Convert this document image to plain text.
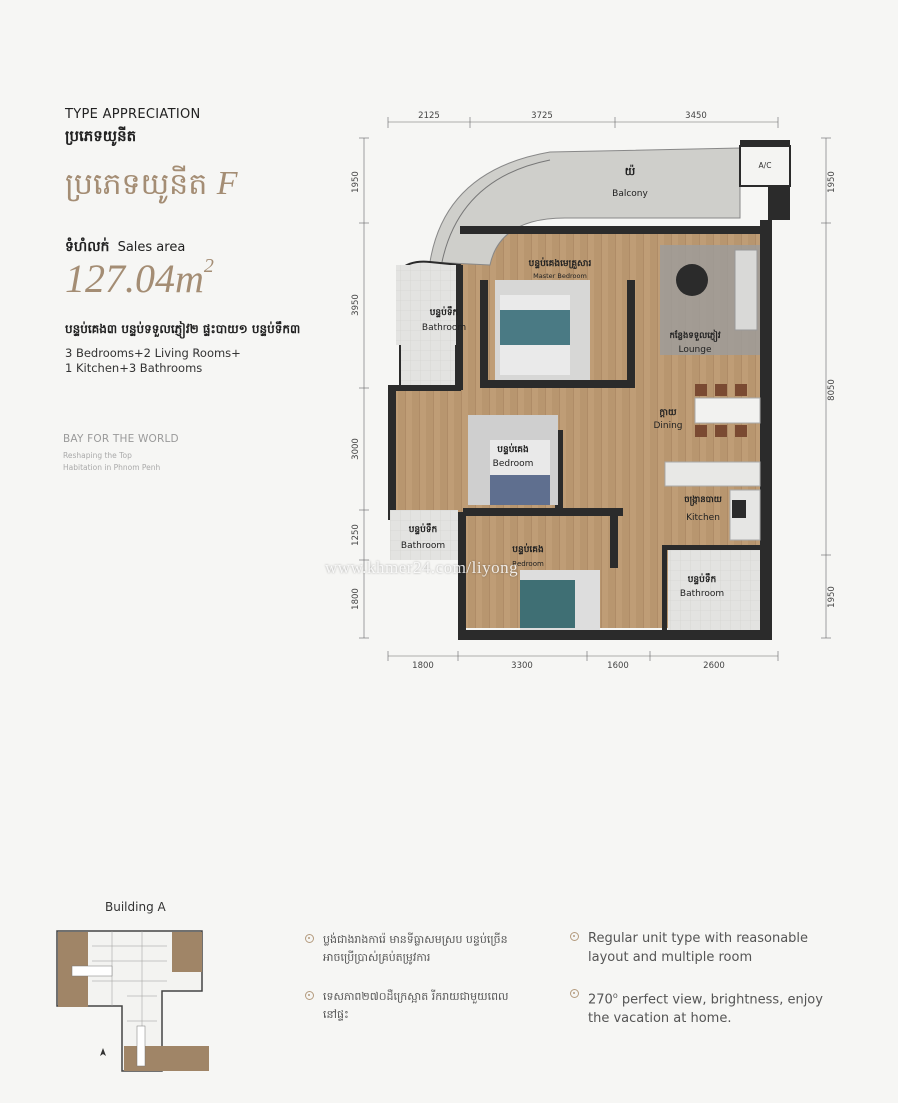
TYPE APPRECIATION
ប្រភេទយូនីត
ប្រភេទយូនីត F
ទំហំលក់ Sales area
$127.04m^2$
បន្ទប់គេង៣ បន្ទប់ទទួលភ្ញៀវ២ ផ្ទះបាយ១ បន្ទប់ទឹក៣
3 Bedrooms+2 Living Rooms+
1 Kitchen+3 Bathrooms
BAY FOR THE WORLD
Reshaping the Top
Habitation in Phnom Penh
2125	3725	3450
1800	3300	1600	2600
1950
3950
3000
1250
1800
1950
8050
1950
A/C
យ៉
Balcony
បន្ទប់គេងមេគ្រួសារ
Master Bedroom
បន្ទប់ទឹក
Bathroom
កន្លែងទទួលភ្ញៀវ
Lounge
ក្តាយ
Dining
បន្ទប់គេង
Bedroom
ចង្ក្រានបាយ
Kitchen
បន្ទប់ទឹក
Bathroom	បន្ទប់គេង
Bedroom
បន្ទប់ទឹក
Bathroom
www.khmer24.com/liyong
Building A
ប្លង់ជាងរាងការ៉េ មានទីធ្លាសមស្រប បន្ទប់ច្រើន អាចប្រើប្រាស់គ្រប់តម្រូវការ
ទេសភាព២៧០ដឺក្រេស្អាត រីករាយជាមួយពេលនៅផ្ទះ
Regular unit type with reasonable layout and multiple room
270$^o$ perfect view, brightness, enjoy the vacation at home.
